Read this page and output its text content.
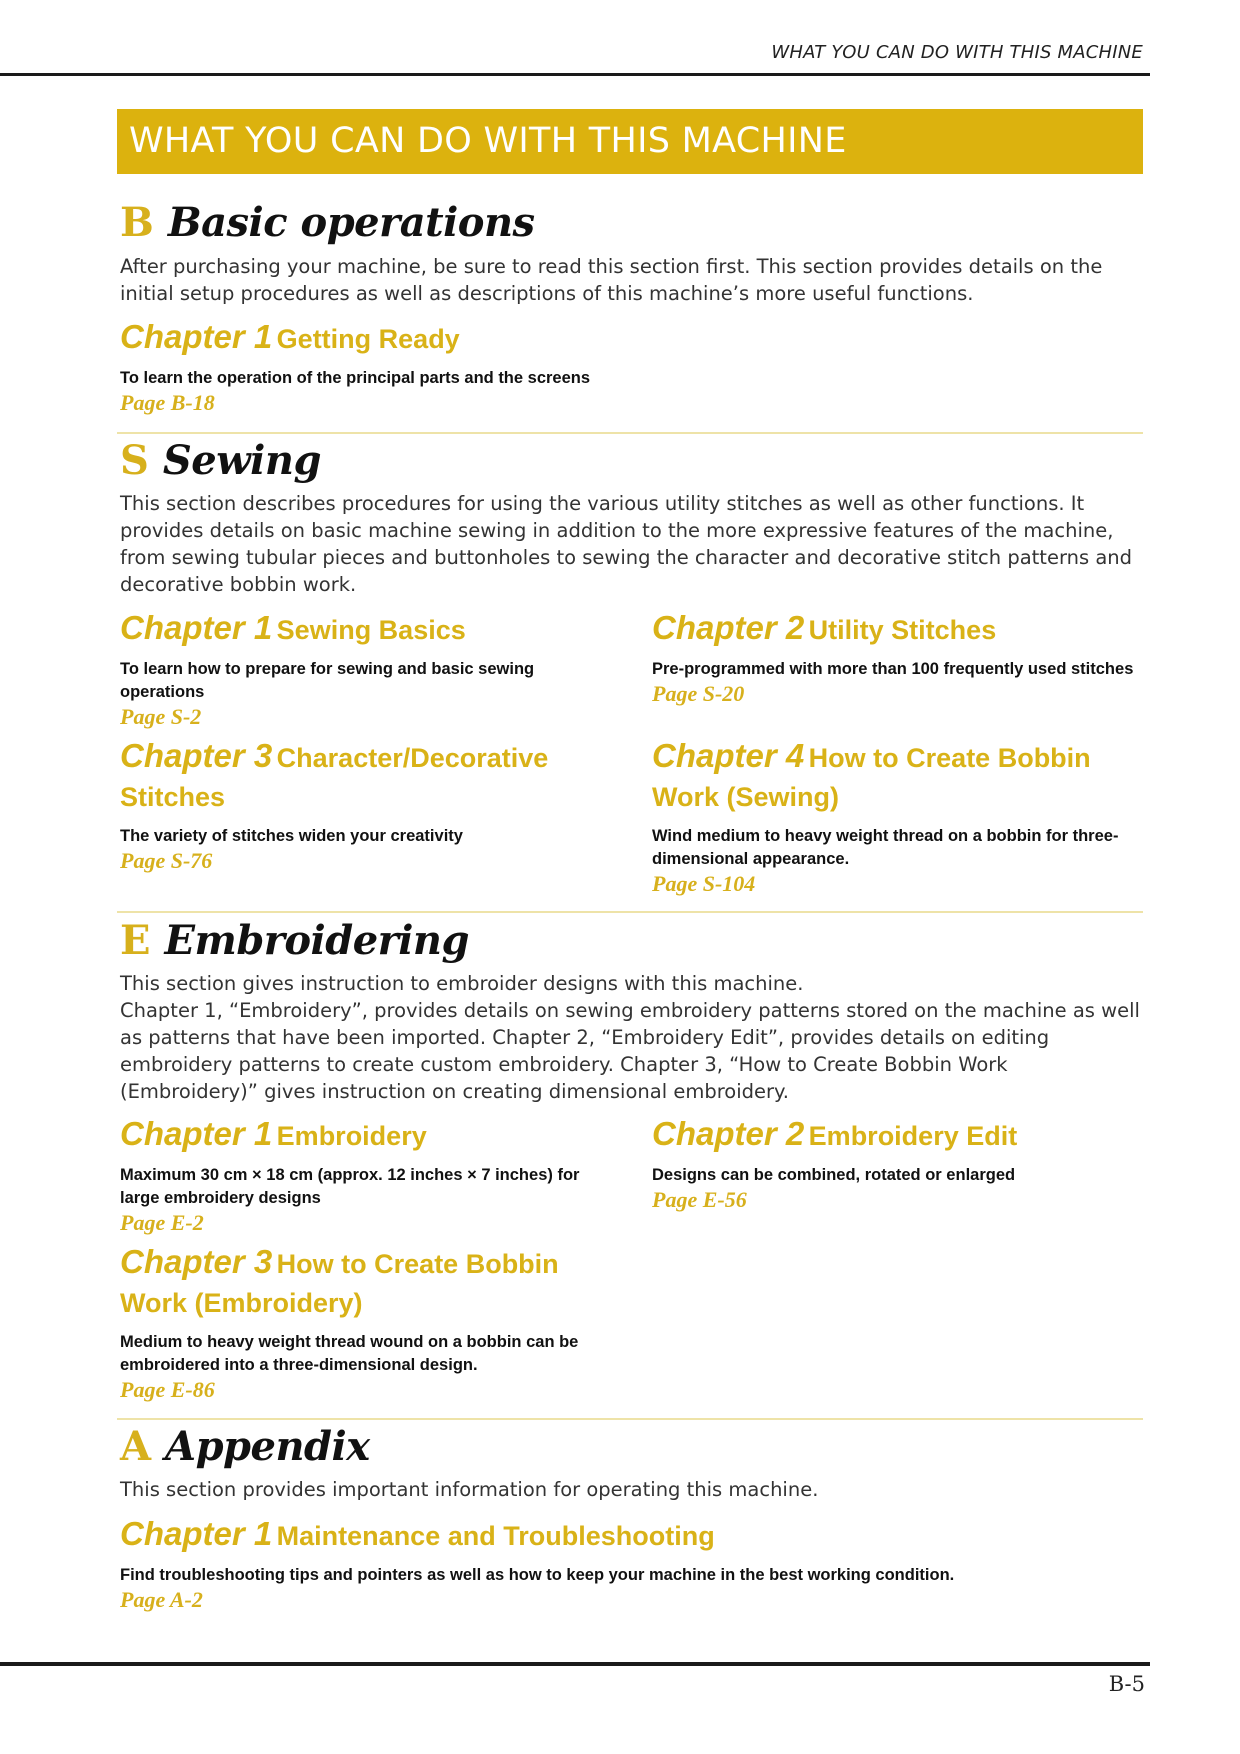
WHAT YOU CAN DO WITH THIS MACHINE
WHAT YOU CAN DO WITH THIS MACHINE
B Basic operations
After purchasing your machine, be sure to read this section first. This section provides details on the initial setup procedures as well as descriptions of this machine’s more useful functions.
Chapter 1 Getting Ready
To learn the operation of the principal parts and the screens
Page B-18
S Sewing
This section describes procedures for using the various utility stitches as well as other functions. It provides details on basic machine sewing in addition to the more expressive features of the machine, from sewing tubular pieces and buttonholes to sewing the character and decorative stitch patterns and decorative bobbin work.
Chapter 1 Sewing Basics
To learn how to prepare for sewing and basic sewing operations
Page S-2
Chapter 2 Utility Stitches
Pre-programmed with more than 100 frequently used stitches
Page S-20
Chapter 3 Character/Decorative Stitches
The variety of stitches widen your creativity
Page S-76
Chapter 4 How to Create Bobbin Work (Sewing)
Wind medium to heavy weight thread on a bobbin for three-dimensional appearance.
Page S-104
E Embroidering
This section gives instruction to embroider designs with this machine.
Chapter 1, “Embroidery”, provides details on sewing embroidery patterns stored on the machine as well as patterns that have been imported. Chapter 2, “Embroidery Edit”, provides details on editing embroidery patterns to create custom embroidery. Chapter 3, “How to Create Bobbin Work (Embroidery)” gives instruction on creating dimensional embroidery.
Chapter 1 Embroidery
Maximum 30 cm × 18 cm (approx. 12 inches × 7 inches) for large embroidery designs
Page E-2
Chapter 2 Embroidery Edit
Designs can be combined, rotated or enlarged
Page E-56
Chapter 3 How to Create Bobbin Work (Embroidery)
Medium to heavy weight thread wound on a bobbin can be embroidered into a three-dimensional design.
Page E-86
A Appendix
This section provides important information for operating this machine.
Chapter 1 Maintenance and Troubleshooting
Find troubleshooting tips and pointers as well as how to keep your machine in the best working condition.
Page A-2
B-5
